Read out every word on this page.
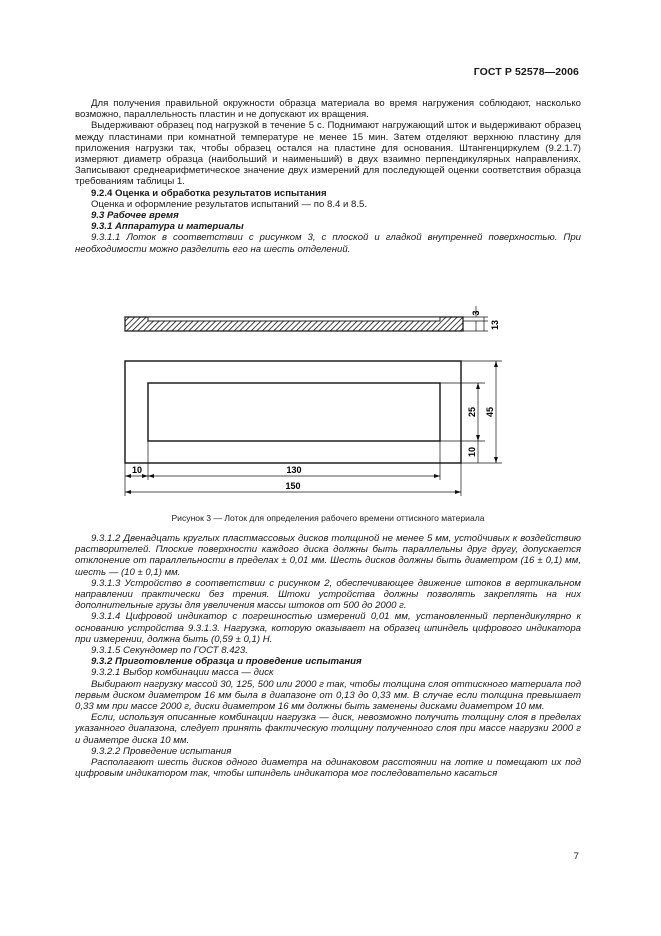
ГОСТ Р 52578—2006

Для получения правильной окружности образца материала во время нагружения соблюдают, насколько возможно, параллельность пластин и не допускают их вращения.

Выдерживают образец под нагрузкой в течение 5 с. Поднимают нагружающий шток и выдерживают образец между пластинами при комнатной температуре не менее 15 мин. Затем отделяют верхнюю пластину для приложения нагрузки так, чтобы образец остался на пластине для основания. Штангенциркулем (9.2.1.7) измеряют диаметр образца (наибольший и наименьший) в двух взаимно перпендикулярных направлениях. Записывают среднеарифметическое значение двух измерений для последующей оценки соответствия образца требованиям таблицы 1.

9.2.4 Оценка и обработка результатов испытания

Оценка и оформление результатов испытаний — по 8.4 и 8.5.

9.3 Рабочее время

9.3.1 Аппаратура и материалы

9.3.1.1 Лоток в соответствии с рисунком 3, с плоской и гладкой внутренней поверхностью. При необходимости можно разделить его на шесть отделений.

3
13
25 45
10
10	130
150
Рисунок 3 — Лоток для определения рабочего времени оттискного материала

9.3.1.2 Двенадцать круглых пластмассовых дисков толщиной не менее 5 мм, устойчивых к воздействию растворителей. Плоские поверхности каждого диска должны быть параллельны друг другу, допускается отклонение от параллельности в пределах ± 0,01 мм. Шесть дисков должны быть диаметром (16 ± 0,1) мм, шесть — (10 ± 0,1) мм.

9.3.1.3 Устройство в соответствии с рисунком 2, обеспечивающее движение штоков в вертикальном направлении практически без трения. Штоки устройства должны позволять закреплять на них дополнительные грузы для увеличения массы штоков от 500 до 2000 г.

9.3.1.4 Цифровой индикатор с погрешностью измерений 0,01 мм, установленный перпендикулярно к основанию устройства 9.3.1.3. Нагрузка, которую оказывает на образец шпиндель цифрового индикатора при измерении, должна быть (0,59 ± 0,1) Н.

9.3.1.5 Секундомер по ГОСТ 8.423.

9.3.2 Приготовление образца и проведение испытания

9.3.2.1 Выбор комбинации масса — диск

Выбирают нагрузку массой 30, 125, 500 или 2000 г так, чтобы толщина слоя оттискного материала под первым диском диаметром 16 мм была в диапазоне от 0,13 до 0,33 мм. В случае если толщина превышает 0,33 мм при массе 2000 г, диски диаметром 16 мм должны быть заменены дисками диаметром 10 мм.

Если, используя описанные комбинации нагрузка — диск, невозможно получить толщину слоя в пределах указанного диапазона, следует принять фактическую толщину полученного слоя при массе нагрузки 2000 г и диаметре диска 10 мм.

9.3.2.2 Проведение испытания

Располагают шесть дисков одного диаметра на одинаковом расстоянии на лотке и помещают их под цифровым индикатором так, чтобы шпиндель индикатора мог последовательно касаться

7
